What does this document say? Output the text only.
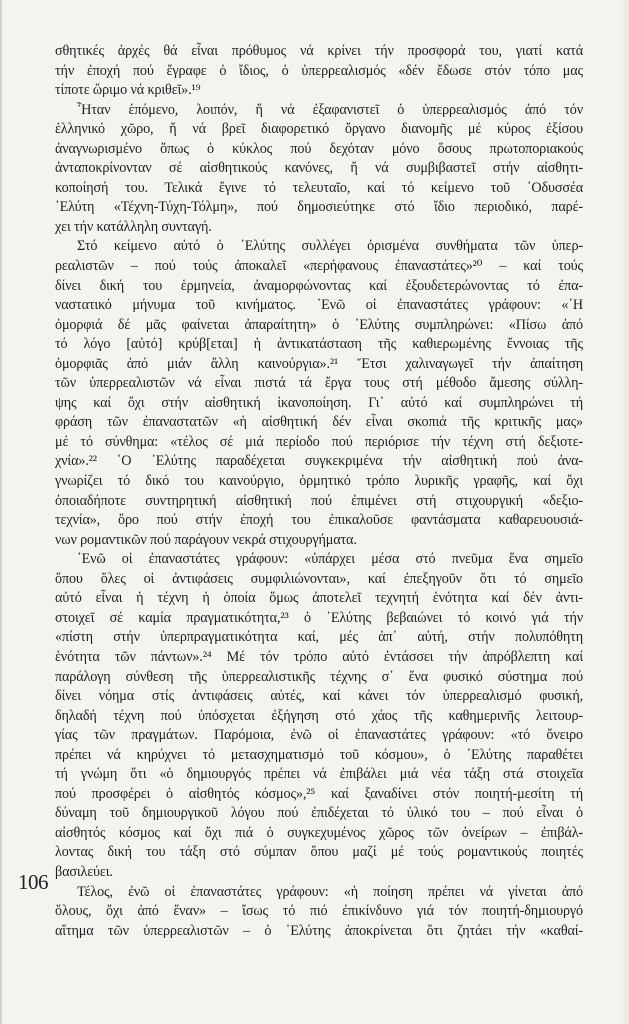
σθητικές ἀρχές θά εἶναι πρόθυμος νά κρίνει τήν προσφορά του, γιατί κατά
τήν ἐποχή πού ἔγραφε ὁ ἴδιος, ὁ ὑπερρεαλισμός «δέν ἔδωσε στόν τόπο μας
τίποτε ὥριμο νά κριθεῖ».¹⁹
Ἦταν ἑπόμενο, λοιπόν, ἤ νά ἐξαφανιστεῖ ὁ ὑπερρεαλισμός ἀπό τόν
ἑλληνικό χῶρο, ἤ νά βρεῖ διαφορετικό ὄργανο διανομῆς μέ κύρος ἐξίσου
ἀναγνωρισμένο ὅπως ὁ κύκλος πού δεχόταν μόνο ὅσους πρωτοποριακούς
ἀνταποκρίνονταν σέ αἰσθητικούς κανόνες, ἤ νά συμβιβαστεῖ στήν αἰσθητι-
κοποίησή του. Τελικά ἔγινε τό τελευταῖο, καί τό κείμενο τοῦ ᾿Οδυσσέα
᾿Ελύτη «Τέχνη-Τύχη-Τόλμη», πού δημοσιεύτηκε στό ἴδιο περιοδικό, παρέ-
χει τήν κατάλληλη συνταγή.
Στό κείμενο αὐτό ὁ ᾿Ελύτης συλλέγει ὁρισμένα συνθήματα τῶν ὑπερ-
ρεαλιστῶν – πού τούς ἀποκαλεῖ «περήφανους ἐπαναστάτες»²⁰ – καί τούς
δίνει δική του ἑρμηνεία, ἀναμορφώνοντας καί ἐξουδετερώνοντας τό ἐπα-
ναστατικό μήνυμα τοῦ κινήματος. ᾿Ενῶ οἱ ἐπαναστάτες γράφουν: «῾Η
ὀμορφιά δέ μᾶς φαίνεται ἀπαραίτητη» ὁ ᾿Ελύτης συμπληρώνει: «Πίσω ἀπό
τό λόγο [αὐτό] κρύβ[εται] ἡ ἀντικατάσταση τῆς καθιερωμένης ἔννοιας τῆς
ὀμορφιᾶς ἀπό μιάν ἄλλη καινούργια».²¹ Ἔτσι χαλιναγωγεῖ τήν ἀπαίτηση
τῶν ὑπερρεαλιστῶν νά εἶναι πιστά τά ἔργα τους στή μέθοδο ἄμεσης σύλλη-
ψης καί ὄχι στήν αἰσθητική ἱκανοποίηση. Γι᾿ αὐτό καί συμπληρώνει τή
φράση τῶν ἐπαναστατῶν «ἡ αἰσθητική δέν εἶναι σκοπιά τῆς κριτικῆς μας»
μέ τό σύνθημα: «τέλος σέ μιά περίοδο πού περιόρισε τήν τέχνη στή δεξιοτε-
χνία».²² ῾Ο ᾿Ελύτης παραδέχεται συγκεκριμένα τήν αἰσθητική πού ἀνα-
γνωρίζει τό δικό του καινούργιο, ὁρμητικό τρόπο λυρικῆς γραφῆς, καί ὄχι
ὁποιαδήποτε συντηρητική αἰσθητική πού ἐπιμένει στή στιχουργική «δεξιο-
τεχνία», ὅρο πού στήν ἐποχή του ἐπικαλοῦσε φαντάσματα καθαρευουσιά-
νων ρομαντικῶν πού παράγουν νεκρά στιχουργήματα.
᾿Ενῶ οἱ ἐπαναστάτες γράφουν: «ὑπάρχει μέσα στό πνεῦμα ἕνα σημεῖο
ὅπου ὅλες οἱ ἀντιφάσεις συμφιλιώνονται», καί ἐπεξηγοῦν ὅτι τό σημεῖο
αὐτό εἶναι ἡ τέχνη ἡ ὁποία ὅμως ἀποτελεῖ τεχνητή ἑνότητα καί δέν ἀντι-
στοιχεῖ σέ καμία πραγματικότητα,²³ ὁ ᾿Ελύτης βεβαιώνει τό κοινό γιά τήν
«πίστη στήν ὑπερπραγματικότητα καί, μές ἀπ᾿ αὐτή, στήν πολυπόθητη
ἑνότητα τῶν πάντων».²⁴ Μέ τόν τρόπο αὐτό ἐντάσσει τήν ἀπρόβλεπτη καί
παράλογη σύνθεση τῆς ὑπερρεαλιστικῆς τέχνης σ᾿ ἕνα φυσικό σύστημα πού
δίνει νόημα στίς ἀντιφάσεις αὐτές, καί κάνει τόν ὑπερρεαλισμό φυσική,
δηλαδή τέχνη πού ὑπόσχεται ἐξήγηση στό χάος τῆς καθημερινῆς λειτουρ-
γίας τῶν πραγμάτων. Παρόμοια, ἐνῶ οἱ ἐπαναστάτες γράφουν: «τό ὄνειρο
πρέπει νά κηρύχνει τό μετασχηματισμό τοῦ κόσμου», ὁ ᾿Ελύτης παραθέτει
τή γνώμη ὅτι «ὁ δημιουργός πρέπει νά ἐπιβάλει μιά νέα τάξη στά στοιχεῖα
πού προσφέρει ὁ αἰσθητός κόσμος»,²⁵ καί ξαναδίνει στόν ποιητή-μεσίτη τή
δύναμη τοῦ δημιουργικοῦ λόγου πού ἐπιδέχεται τό ὑλικό του – πού εἶναι ὁ
αἰσθητός κόσμος καί ὄχι πιά ὁ συγκεχυμένος χῶρος τῶν ὀνείρων – ἐπιβάλ-
λοντας δική του τάξη στό σύμπαν ὅπου μαζί μέ τούς ρομαντικούς ποιητές
βασιλεύει.
Τέλος, ἐνῶ οἱ ἐπαναστάτες γράφουν: «ἡ ποίηση πρέπει νά γίνεται ἀπό
ὅλους, ὄχι ἀπό ἕναν» – ἴσως τό πιό ἐπικίνδυνο γιά τόν ποιητή-δημιουργό
αἴτημα τῶν ὑπερρεαλιστῶν – ὁ ᾿Ελύτης ἀποκρίνεται ὅτι ζητάει τήν «καθαί-
106
